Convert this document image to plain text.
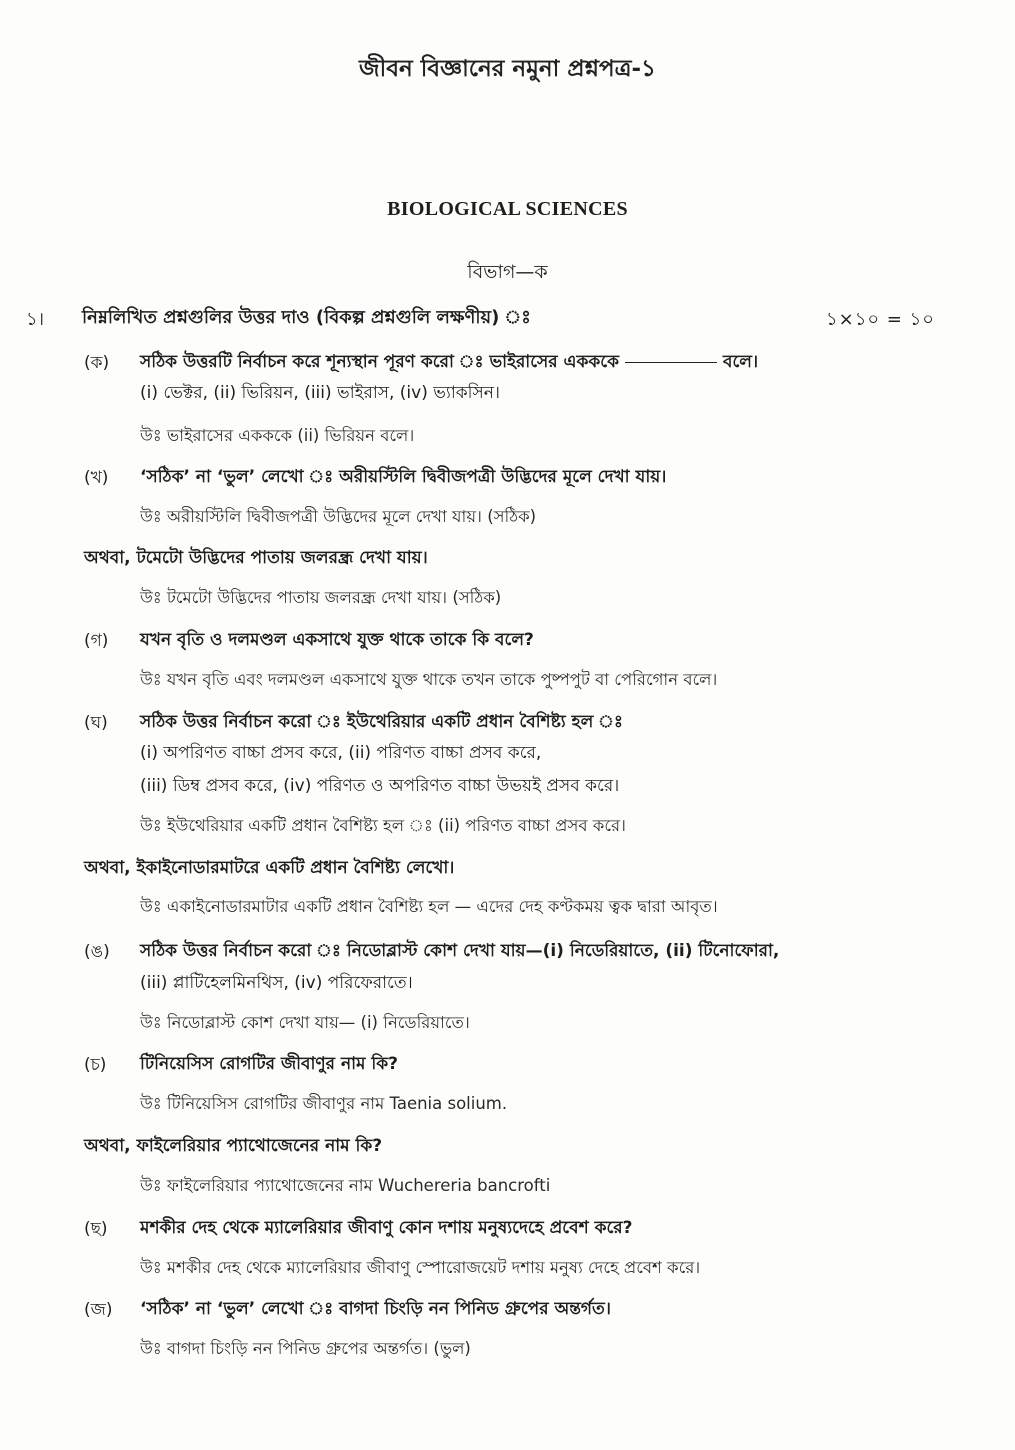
জীবন বিজ্ঞানের নমুনা প্রশ্নপত্র-১
BIOLOGICAL SCIENCES
বিভাগ—ক
১। নিম্নলিখিত প্রশ্নগুলির উত্তর দাও (বিকল্প প্রশ্নগুলি লক্ষণীয়) ঃ	১×১০ = ১০
(ক) সঠিক উত্তরটি নির্বাচন করে শূন্যস্থান পূরণ করো ঃ ভাইরাসের একককে	বলে।
(i) ভেক্টর, (ii) ভিরিয়ন, (iii) ভাইরাস, (iv) ভ্যাকসিন।
উঃ ভাইরাসের একককে (ii) ভিরিয়ন বলে।
(খ) ‘সঠিক’ না ‘ভুল’ লেখো ঃ অরীয়স্টিলি দ্বিবীজপত্রী উদ্ভিদের মূলে দেখা যায়।
উঃ অরীয়স্টিলি দ্বিবীজপত্রী উদ্ভিদের মূলে দেখা যায়। (সঠিক)
অথবা, টমেটো উদ্ভিদের পাতায় জলরন্ধ্র দেখা যায়।
উঃ টমেটো উদ্ভিদের পাতায় জলরন্ধ্র দেখা যায়। (সঠিক)
(গ) যখন বৃতি ও দলমণ্ডল একসাথে যুক্ত থাকে তাকে কি বলে?
উঃ যখন বৃতি এবং দলমণ্ডল একসাথে যুক্ত থাকে তখন তাকে পুষ্পপুট বা পেরিগোন বলে।
(ঘ) সঠিক উত্তর নির্বাচন করো ঃ ইউথেরিয়ার একটি প্রধান বৈশিষ্ট্য হল ঃ
(i) অপরিণত বাচ্চা প্রসব করে, (ii) পরিণত বাচ্চা প্রসব করে,
(iii) ডিম্ব প্রসব করে, (iv) পরিণত ও অপরিণত বাচ্চা উভয়ই প্রসব করে।
উঃ ইউথেরিয়ার একটি প্রধান বৈশিষ্ট্য হল ঃ (ii) পরিণত বাচ্চা প্রসব করে।
অথবা, ইকাইনোডারমাটরে একটি প্রধান বৈশিষ্ট্য লেখো।
উঃ একাইনোডারমাটার একটি প্রধান বৈশিষ্ট্য হল — এদের দেহ কণ্টকময় ত্বক দ্বারা আবৃত।
(ঙ) সঠিক উত্তর নির্বাচন করো ঃ নিডোব্লাস্ট কোশ দেখা যায়—(i) নিডেরিয়াতে, (ii) টিনোফোরা,
(iii) প্লাটিহেলমিনথিস, (iv) পরিফেরাতে।
উঃ নিডোব্লাস্ট কোশ দেখা যায়— (i) নিডেরিয়াতে।
(চ) টিনিয়েসিস রোগটির জীবাণুর নাম কি?
উঃ টিনিয়েসিস রোগটির জীবাণুর নাম Taenia solium.
অথবা, ফাইলেরিয়ার প্যাথোজেনের নাম কি?
উঃ ফাইলেরিয়ার প্যাথোজেনের নাম Wuchereria bancrofti
(ছ) মশকীর দেহ থেকে ম্যালেরিয়ার জীবাণু কোন দশায় মনুষ্যদেহে প্রবেশ করে?
উঃ মশকীর দেহ থেকে ম্যালেরিয়ার জীবাণু স্পোরোজয়েট দশায় মনুষ্য দেহে প্রবেশ করে।
(জ) ‘সঠিক’ না ‘ভুল’ লেখো ঃ বাগদা চিংড়ি নন পিনিড গ্রুপের অন্তর্গত।
উঃ বাগদা চিংড়ি নন পিনিড গ্রুপের অন্তর্গত। (ভুল)
